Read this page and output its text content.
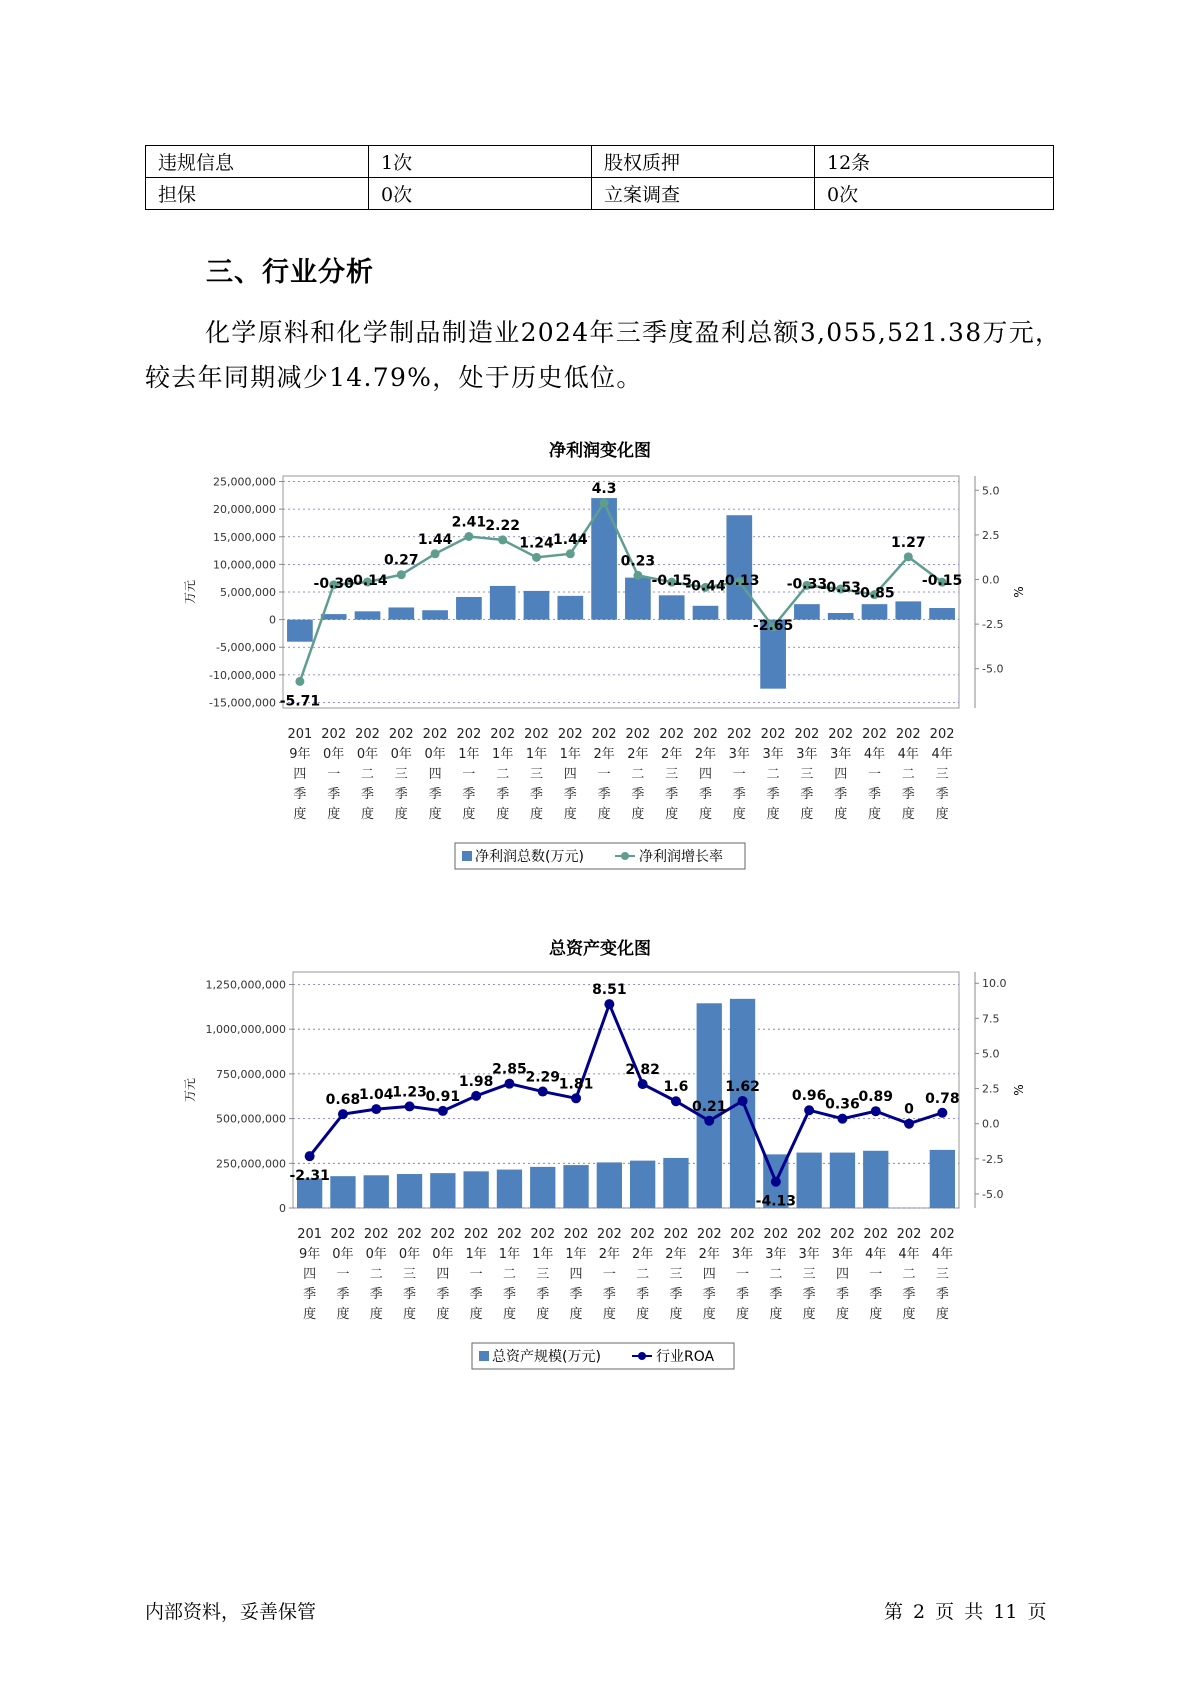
违规信息	1次	股权质押	12条
担保	0次	立案调查	0次
三、行业分析
化学原料和化学制品制造业2024年三季度盈利总额3,055,521.38万元，较去年同期减少14.79%，处于历史低位。
净利润变化图
25,000,000
20,000,000
15,000,000
10,000,000
5,000,000
0
-5,000,000
-10,000,000
-15,000,000
5.0
2.5
0.0
-2.5
-5.0
万元	%
-5.71
-0.30
-0.14
0.27
1.44
2.41 2.22
1.24 1.44
4.3
0.23
-0.15
-0.44
-0.13
-2.65
-0.33
-0.53
-0.85
1.27
-0.15
201
9年
四
季
度
202
0年
一
季
度
202
0年
二
季
度
202
0年
三
季
度
202
0年
四
季
度
202
1年
一
季
度
202
1年
二
季
度
202
1年
三
季
度
202
1年
四
季
度
202
2年
一
季
度
202
2年
二
季
度
202
2年
三
季
度
202
2年
四
季
度
202
3年
一
季
度
202
3年
二
季
度
202
3年
三
季
度
202
3年
四
季
度
202
4年
一
季
度
202
4年
二
季
度
202
4年
三
季
度
净利润总数(万元)	净利润增长率
总资产变化图
1,250,000,000
1,000,000,000
750,000,000
500,000,000
250,000,000
0
10.0
7.5
5.0
2.5
0.0
-2.5
-5.0
万元	%
-2.31
0.68
1.04
1.23
0.91
1.98
2.85
2.29
1.81
8.51
2.82
1.6
0.21
1.62
-4.13
0.96
0.36
0.89
0
0.78
201
9年
四
季
度
202
0年
一
季
度
202
0年
二
季
度
202
0年
三
季
度
202
0年
四
季
度
202
1年
一
季
度
202
1年
二
季
度
202
1年
三
季
度
202
1年
四
季
度
202
2年
一
季
度
202
2年
二
季
度
202
2年
三
季
度
202
2年
四
季
度
202
3年
一
季
度
202
3年
二
季
度
202
3年
三
季
度
202
3年
四
季
度
202
4年
一
季
度
202
4年
二
季
度
202
4年
三
季
度
总资产规模(万元)	行业ROA
内部资料，妥善保管	第 2 页 共 11 页
